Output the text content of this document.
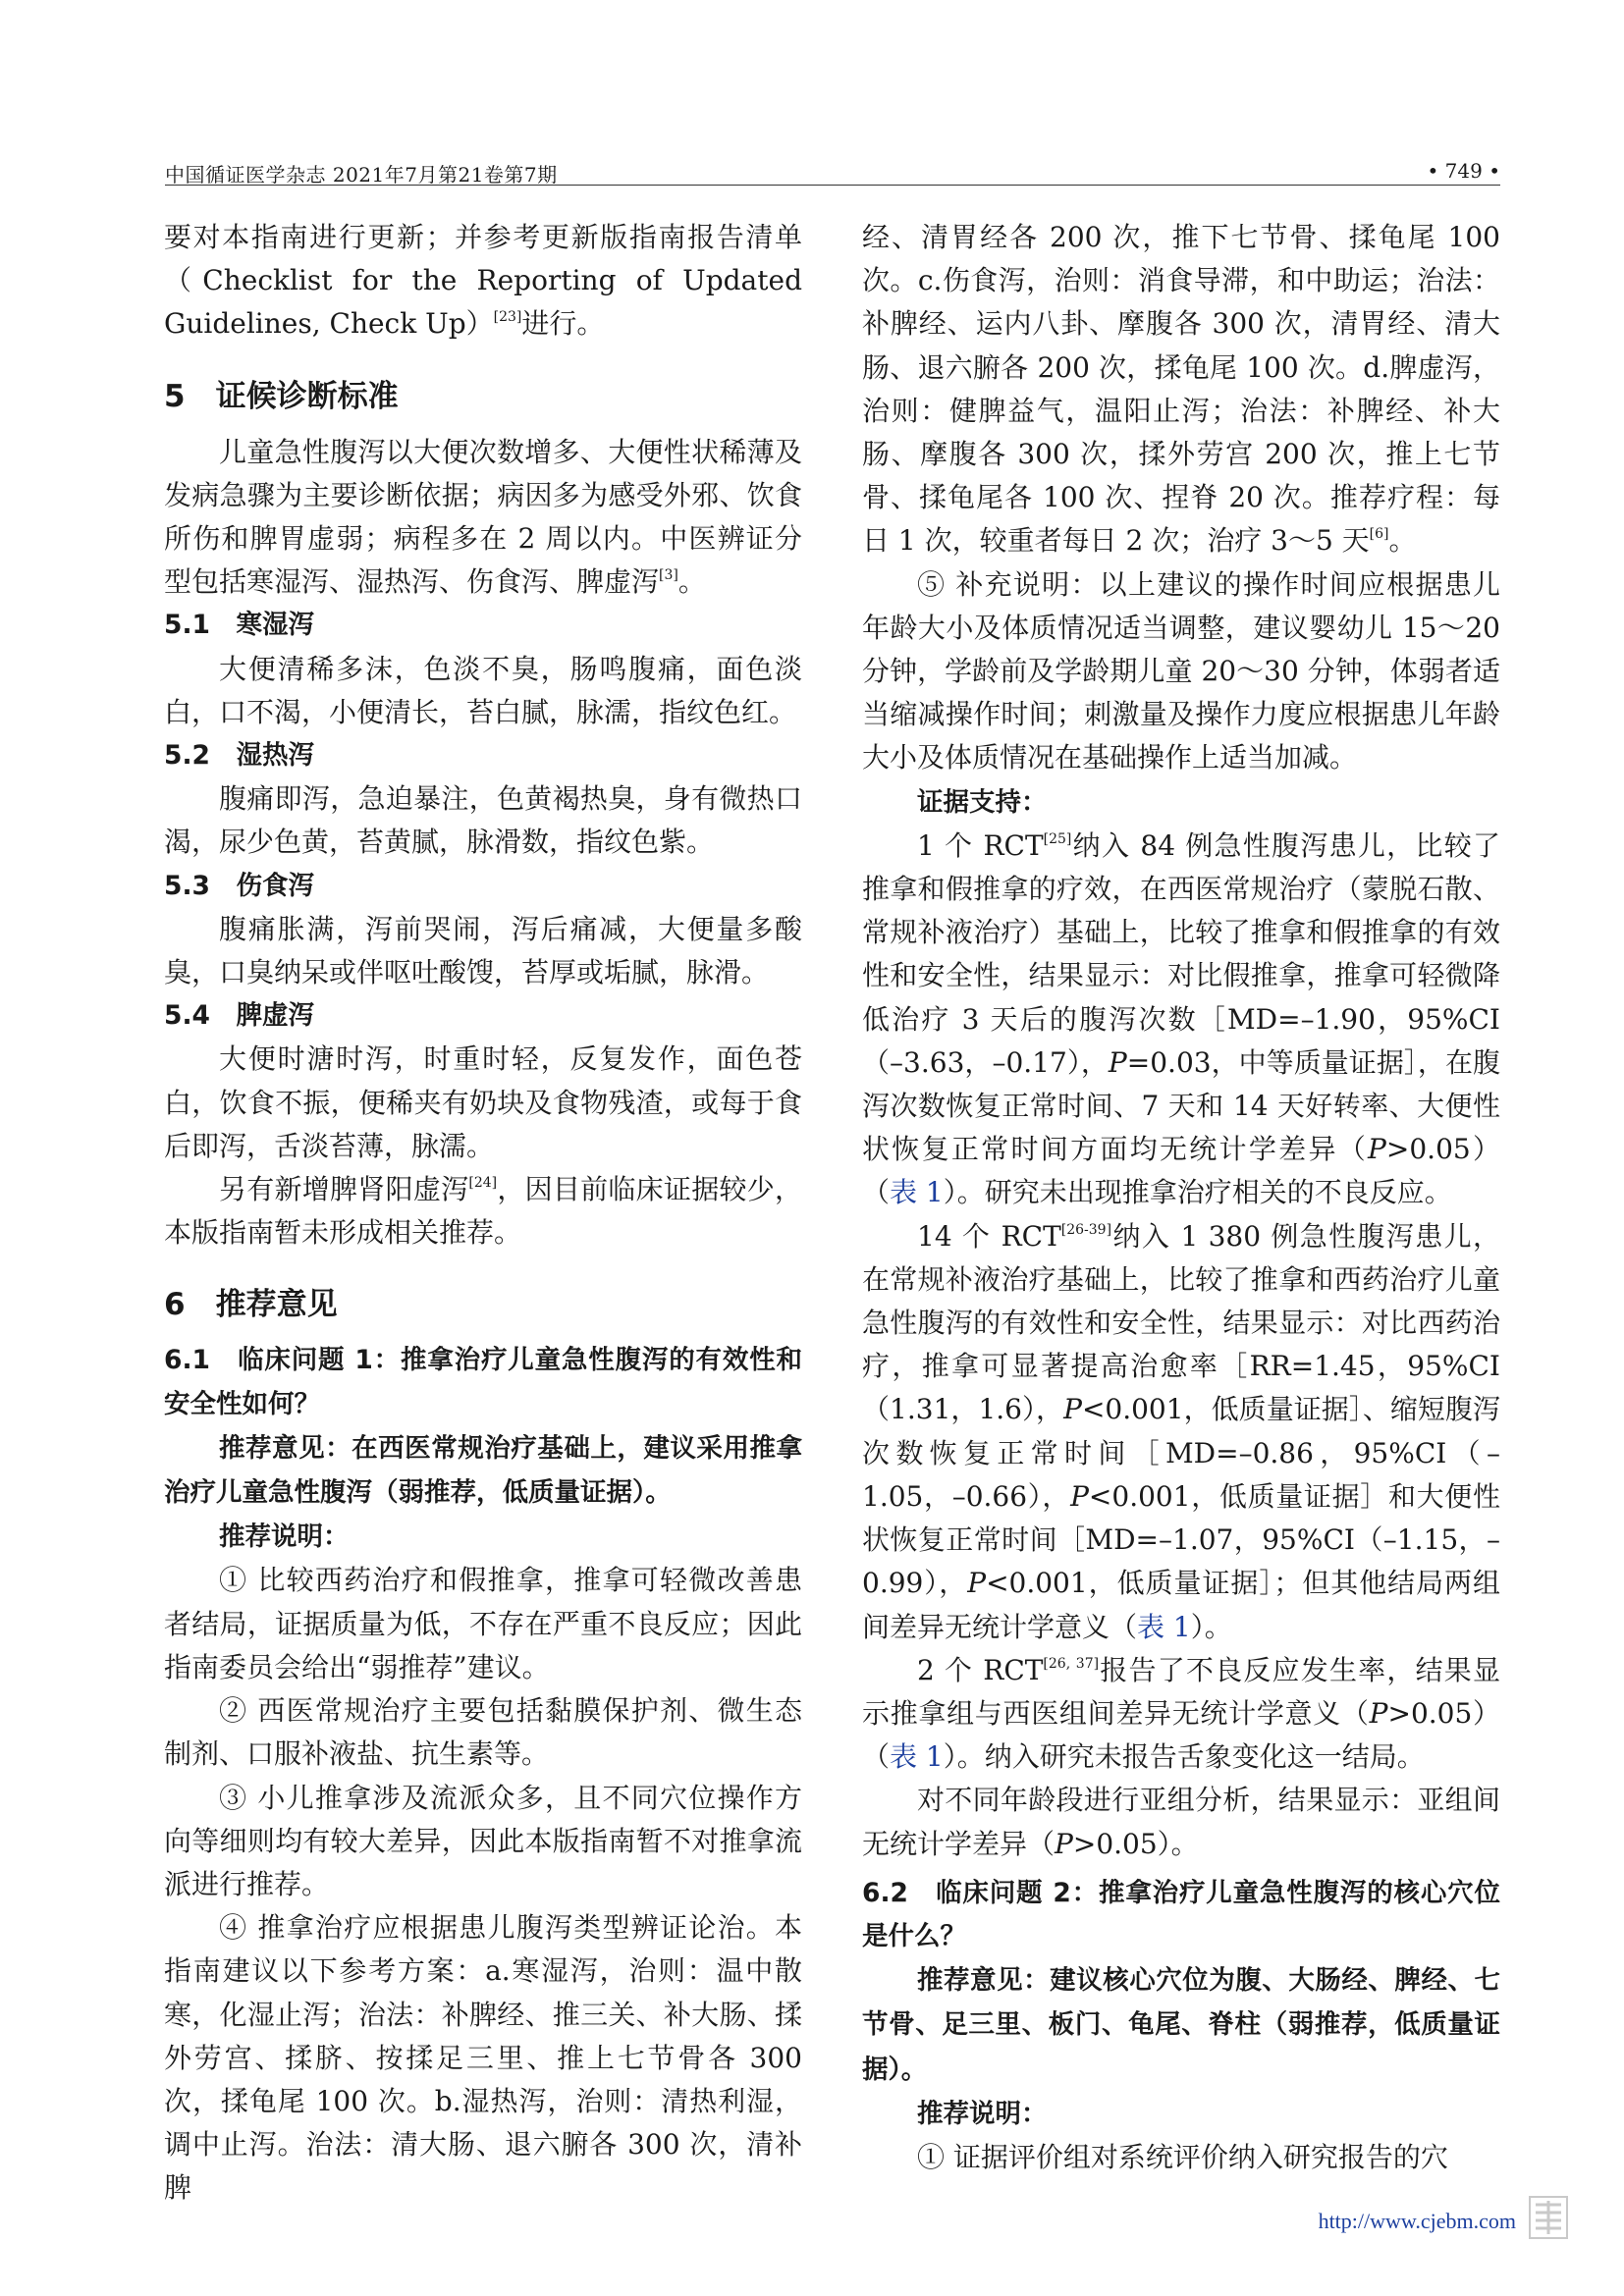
中国循证医学杂志 2021年7月第21卷第7期	• 749 •

要对本指南进行更新；并参考更新版指南报告清单（Checklist for the Reporting of Updated Guidelines, Check Up）[23]进行。

5　证候诊断标准

儿童急性腹泻以大便次数增多、大便性状稀薄及发病急骤为主要诊断依据；病因多为感受外邪、饮食所伤和脾胃虚弱；病程多在 2 周以内。中医辨证分型包括寒湿泻、湿热泻、伤食泻、脾虚泻[3]。

5.1　寒湿泻

大便清稀多沫，色淡不臭，肠鸣腹痛，面色淡白，口不渴，小便清长，苔白腻，脉濡，指纹色红。

5.2　湿热泻

腹痛即泻，急迫暴注，色黄褐热臭，身有微热口渴，尿少色黄，苔黄腻，脉滑数，指纹色紫。

5.3　伤食泻

腹痛胀满，泻前哭闹，泻后痛减，大便量多酸臭，口臭纳呆或伴呕吐酸馊，苔厚或垢腻，脉滑。

5.4　脾虚泻

大便时溏时泻，时重时轻，反复发作，面色苍白，饮食不振，便稀夹有奶块及食物残渣，或每于食后即泻，舌淡苔薄，脉濡。

另有新增脾肾阳虚泻[24]，因目前临床证据较少，本版指南暂未形成相关推荐。

6　推荐意见
6.1　临床问题 1：推拿治疗儿童急性腹泻的有效性和安全性如何？

推荐意见：在西医常规治疗基础上，建议采用推拿治疗儿童急性腹泻（弱推荐，低质量证据）。

推荐说明：

① 比较西药治疗和假推拿，推拿可轻微改善患者结局，证据质量为低，不存在严重不良反应；因此指南委员会给出“弱推荐”建议。

② 西医常规治疗主要包括黏膜保护剂、微生态制剂、口服补液盐、抗生素等。

③ 小儿推拿涉及流派众多，且不同穴位操作方向等细则均有较大差异，因此本版指南暂不对推拿流派进行推荐。

④ 推拿治疗应根据患儿腹泻类型辨证论治。本指南建议以下参考方案：a.寒湿泻，治则：温中散寒，化湿止泻；治法：补脾经、推三关、补大肠、揉外劳宫、揉脐、按揉足三里、推上七节骨各 300 次，揉龟尾 100 次。b.湿热泻，治则：清热利湿，调中止泻。治法：清大肠、退六腑各 300 次，清补脾

经、清胃经各 200 次，推下七节骨、揉龟尾 100 次。c.伤食泻，治则：消食导滞，和中助运；治法：补脾经、运内八卦、摩腹各 300 次，清胃经、清大肠、退六腑各 200 次，揉龟尾 100 次。d.脾虚泻，治则：健脾益气，温阳止泻；治法：补脾经、补大肠、摩腹各 300 次，揉外劳宫 200 次，推上七节骨、揉龟尾各 100 次、捏脊 20 次。推荐疗程：每日 1 次，较重者每日 2 次；治疗 3～5 天[6]。

⑤ 补充说明：以上建议的操作时间应根据患儿年龄大小及体质情况适当调整，建议婴幼儿 15～20 分钟，学龄前及学龄期儿童 20～30 分钟，体弱者适当缩减操作时间；刺激量及操作力度应根据患儿年龄大小及体质情况在基础操作上适当加减。

证据支持：

1 个 RCT[25]纳入 84 例急性腹泻患儿，比较了推拿和假推拿的疗效，在西医常规治疗（蒙脱石散、常规补液治疗）基础上，比较了推拿和假推拿的有效性和安全性，结果显示：对比假推拿，推拿可轻微降低治疗 3 天后的腹泻次数［MD=–1.90，95%CI（–3.63，–0.17），P=0.03，中等质量证据］，在腹泻次数恢复正常时间、7 天和 14 天好转率、大便性状恢复正常时间方面均无统计学差异（P>0.05）（表 1）。研究未出现推拿治疗相关的不良反应。

14 个 RCT[26-39]纳入 1 380 例急性腹泻患儿，在常规补液治疗基础上，比较了推拿和西药治疗儿童急性腹泻的有效性和安全性，结果显示：对比西药治疗，推拿可显著提高治愈率［RR=1.45，95%CI（1.31，1.6），P<0.001，低质量证据］、缩短腹泻次数恢复正常时间［MD=–0.86，95%CI（–1.05，–0.66），P<0.001，低质量证据］和大便性状恢复正常时间［MD=–1.07，95%CI（–1.15，–0.99），P<0.001，低质量证据］；但其他结局两组间差异无统计学意义（表 1）。

2 个 RCT[26, 37]报告了不良反应发生率，结果显示推拿组与西医组间差异无统计学意义（P>0.05）（表 1）。纳入研究未报告舌象变化这一结局。

对不同年龄段进行亚组分析，结果显示：亚组间无统计学差异（P>0.05）。

6.2　临床问题 2：推拿治疗儿童急性腹泻的核心穴位是什么？

推荐意见：建议核心穴位为腹、大肠经、脾经、七节骨、足三里、板门、龟尾、脊柱（弱推荐，低质量证据）。

推荐说明：

① 证据评价组对系统评价纳入研究报告的穴

http://www.cjebm.com
